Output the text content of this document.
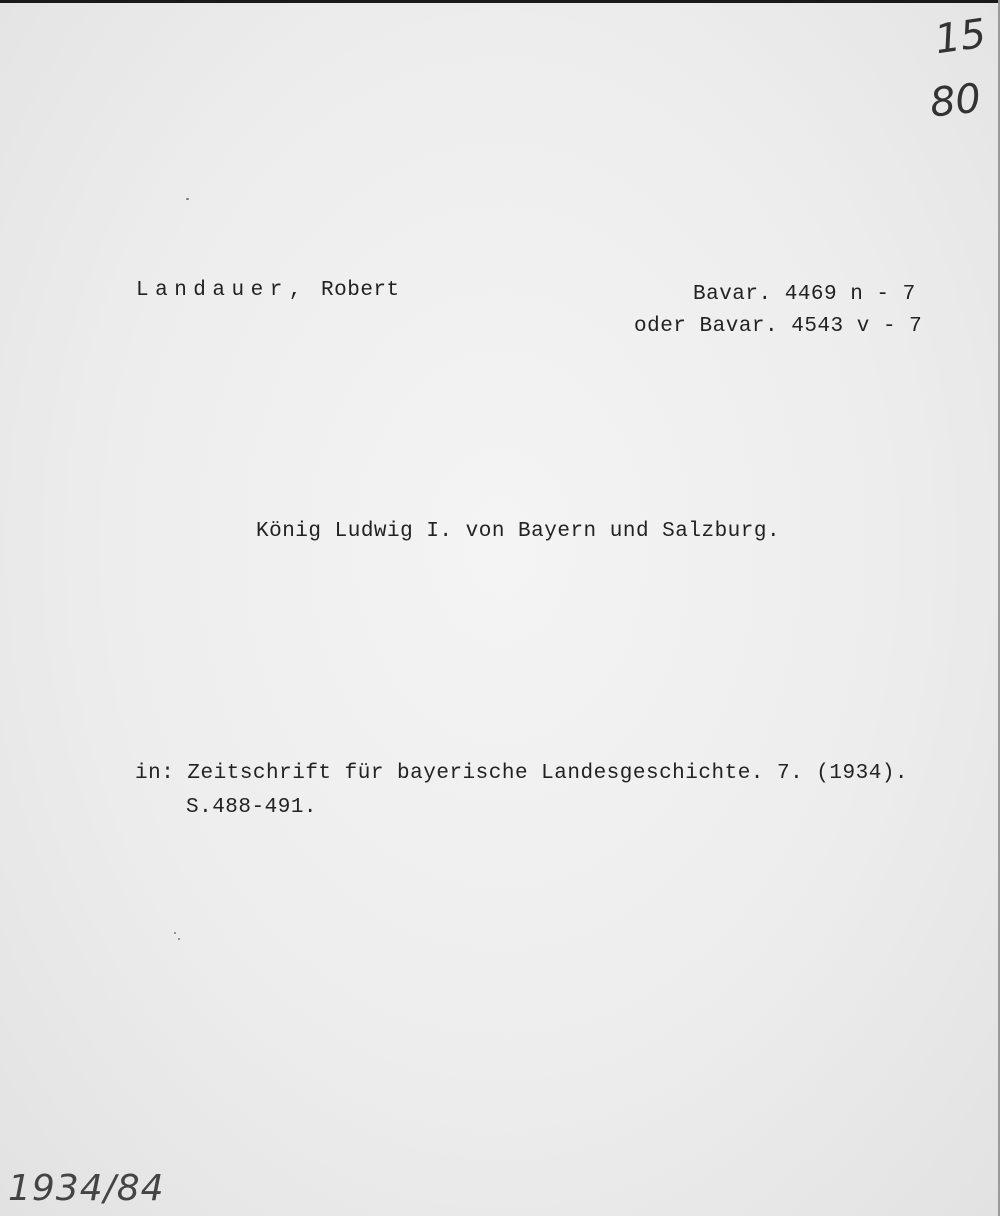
Landauer, Robert	Bavar. 4469 n - 7
oder Bavar. 4543 v - 7
König Ludwig I. von Bayern und Salzburg.
in: Zeitschrift für bayerische Landesgeschichte. 7. (1934).
S.488-491.
15
80
1934/84
